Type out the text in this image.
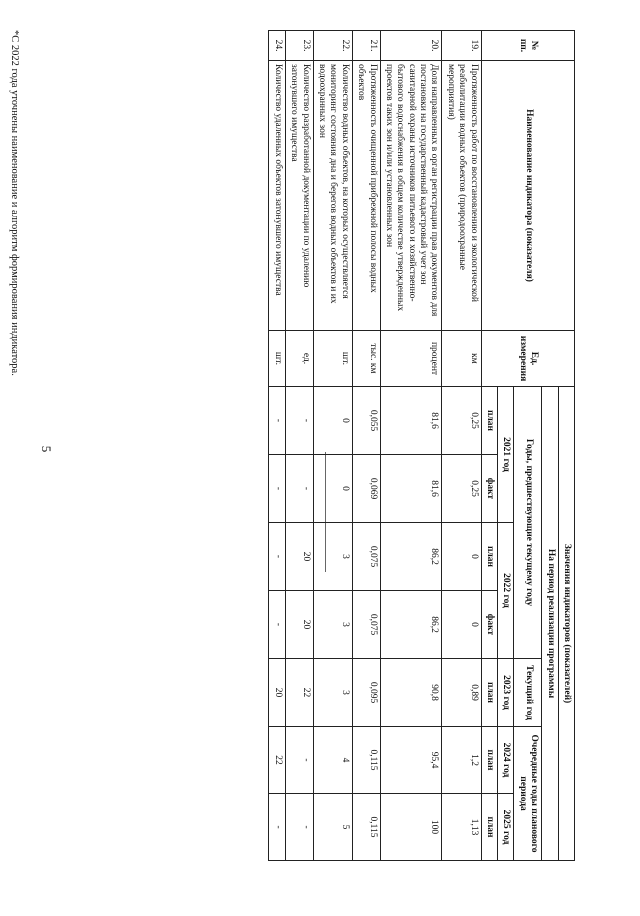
5
№ пп.	Наименование индикатора (показателя)	Ед. измерения	Значения индикаторов (показателей)						
			На период реализации программы						
			Годы, предшествующие текущему году				Текущий год	Очередные годы планового периода	
			2021 год		2022 год		2023 год	2024 год	2025 год
			план	факт	план	факт	план	план	план
19.	Протяженность работ по восстановлению и экологической реабилитации водных объектов (природоохранные мероприятия)	км	0,25	0,25	0	0	0,89	1,2	1,13
20.	Доля направленных в орган регистрации прав документов для постановки на государственный кадастровый учет зон санитарной охраны источников питьевого и хозяйственно-бытового водоснабжения в общем количестве утвержденных проектов таких зон и/или установленных зон	процент	81,6	81,6	86,2	86,2	90,8	95,4	100
21.	Протяженность очищенной прибрежной полосы водных объектов	тыс. км	0,055	0,069	0,075	0,075	0,095	0,115	0,115
22.	Количество водных объектов, на которых осуществляется мониторинг состояния дна и берегов водных объектов и их водоохранных зон	шт.	0	0	3	3	3	4	5
23.	Количество разработанной документации по удалению затонувшего имущества	ед.	-	-	20	20	22	-	-
24.	Количество удаленных объектов затонувшего имущества	шт.	-	-	-	-	20	22	-
*С 2022 года уточнены наименование и алгоритм формирования индикатора.
